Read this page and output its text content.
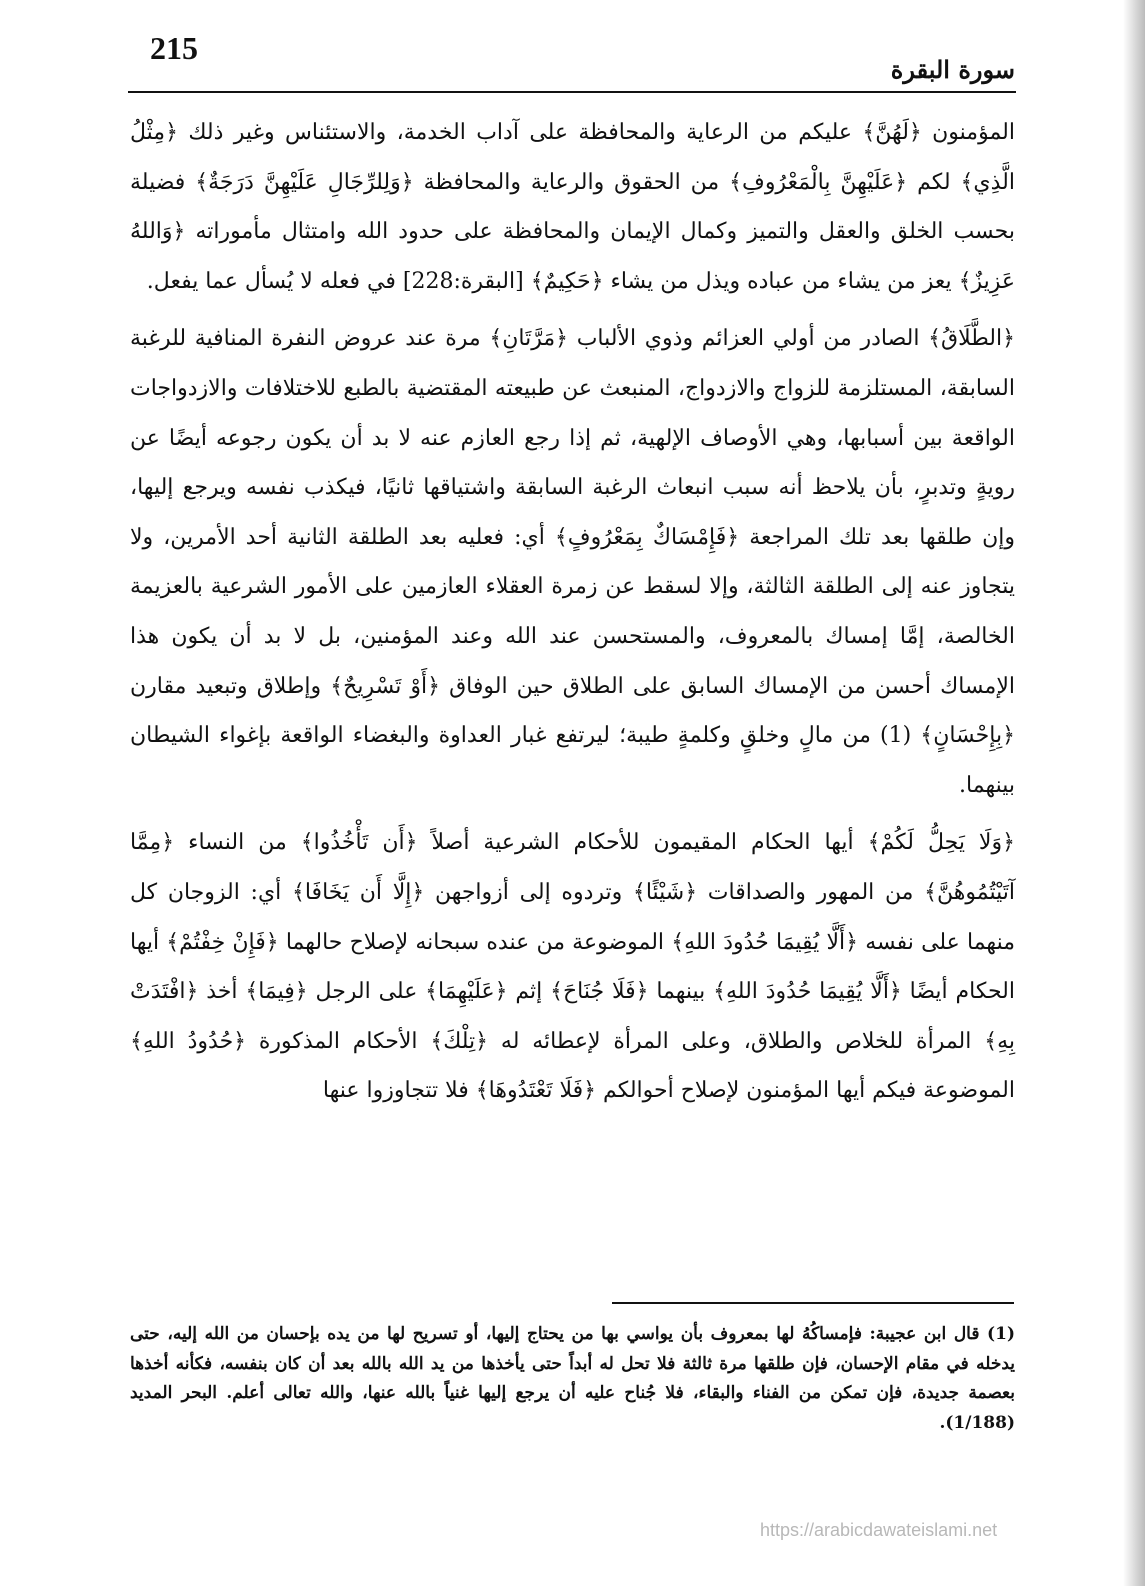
215
سورة البقرة

المؤمنون ﴿لَهُنَّ﴾ عليكم من الرعاية والمحافظة على آداب الخدمة، والاستئناس وغير ذلك ﴿مِثْلُ الَّذِي﴾ لكم ﴿عَلَيْهِنَّ بِالْمَعْرُوفِ﴾ من الحقوق والرعاية والمحافظة ﴿وَلِلرِّجَالِ عَلَيْهِنَّ دَرَجَةٌ﴾ فضيلة بحسب الخلق والعقل والتميز وكمال الإيمان والمحافظة على حدود الله وامتثال مأموراته ﴿وَاللهُ عَزِيزٌ﴾ يعز من يشاء من عباده ويذل من يشاء ﴿حَكِيمٌ﴾ [البقرة:228] في فعله لا يُسأل عما يفعل.

﴿الطَّلَاقُ﴾ الصادر من أولي العزائم وذوي الألباب ﴿مَرَّتَانِ﴾ مرة عند عروض النفرة المنافية للرغبة السابقة، المستلزمة للزواج والازدواج، المنبعث عن طبيعته المقتضية بالطبع للاختلافات والازدواجات الواقعة بين أسبابها، وهي الأوصاف الإلهية، ثم إذا رجع العازم عنه لا بد أن يكون رجوعه أيضًا عن رويةٍ وتدبرٍ، بأن يلاحظ أنه سبب انبعاث الرغبة السابقة واشتياقها ثانيًا، فيكذب نفسه ويرجع إليها، وإن طلقها بعد تلك المراجعة ﴿فَإِمْسَاكٌ بِمَعْرُوفٍ﴾ أي: فعليه بعد الطلقة الثانية أحد الأمرين، ولا يتجاوز عنه إلى الطلقة الثالثة، وإلا لسقط عن زمرة العقلاء العازمين على الأمور الشرعية بالعزيمة الخالصة، إمَّا إمساك بالمعروف، والمستحسن عند الله وعند المؤمنين، بل لا بد أن يكون هذا الإمساك أحسن من الإمساك السابق على الطلاق حين الوفاق ﴿أَوْ تَسْرِيحٌ﴾ وإطلاق وتبعيد مقارن ﴿بِإِحْسَانٍ﴾ (1) من مالٍ وخلقٍ وكلمةٍ طيبة؛ ليرتفع غبار العداوة والبغضاء الواقعة بإغواء الشيطان بينهما.

﴿وَلَا يَحِلُّ لَكُمْ﴾ أيها الحكام المقيمون للأحكام الشرعية أصلاً ﴿أَن تَأْخُذُوا﴾ من النساء ﴿مِمَّا آتَيْتُمُوهُنَّ﴾ من المهور والصداقات ﴿شَيْئًا﴾ وتردوه إلى أزواجهن ﴿إِلَّا أَن يَخَافَا﴾ أي: الزوجان كل منهما على نفسه ﴿أَلَّا يُقِيمَا حُدُودَ اللهِ﴾ الموضوعة من عنده سبحانه لإصلاح حالهما ﴿فَإِنْ خِفْتُمْ﴾ أيها الحكام أيضًا ﴿أَلَّا يُقِيمَا حُدُودَ اللهِ﴾ بينهما ﴿فَلَا جُنَاحَ﴾ إثم ﴿عَلَيْهِمَا﴾ على الرجل ﴿فِيمَا﴾ أخذ ﴿افْتَدَتْ بِهِ﴾ المرأة للخلاص والطلاق، وعلى المرأة لإعطائه له ﴿تِلْكَ﴾ الأحكام المذكورة ﴿حُدُودُ اللهِ﴾ الموضوعة فيكم أيها المؤمنون لإصلاح أحوالكم ﴿فَلَا تَعْتَدُوهَا﴾ فلا تتجاوزوا عنها

(1) قال ابن عجيبة: فإمساكُهُ لها بمعروف بأن يواسي بها من يحتاج إليها، أو تسريح لها من يده بإحسان من الله إليه، حتى يدخله في مقام الإحسان، فإن طلقها مرة ثالثة فلا تحل له أبداً حتى يأخذها من يد الله بالله بعد أن كان بنفسه، فكأنه أخذها بعصمة جديدة، فإن تمكن من الفناء والبقاء، فلا جُناح عليه أن يرجع إليها غنياً بالله عنها، والله تعالى أعلم. البحر المديد (1/188).
https://arabicdawateislami.net
